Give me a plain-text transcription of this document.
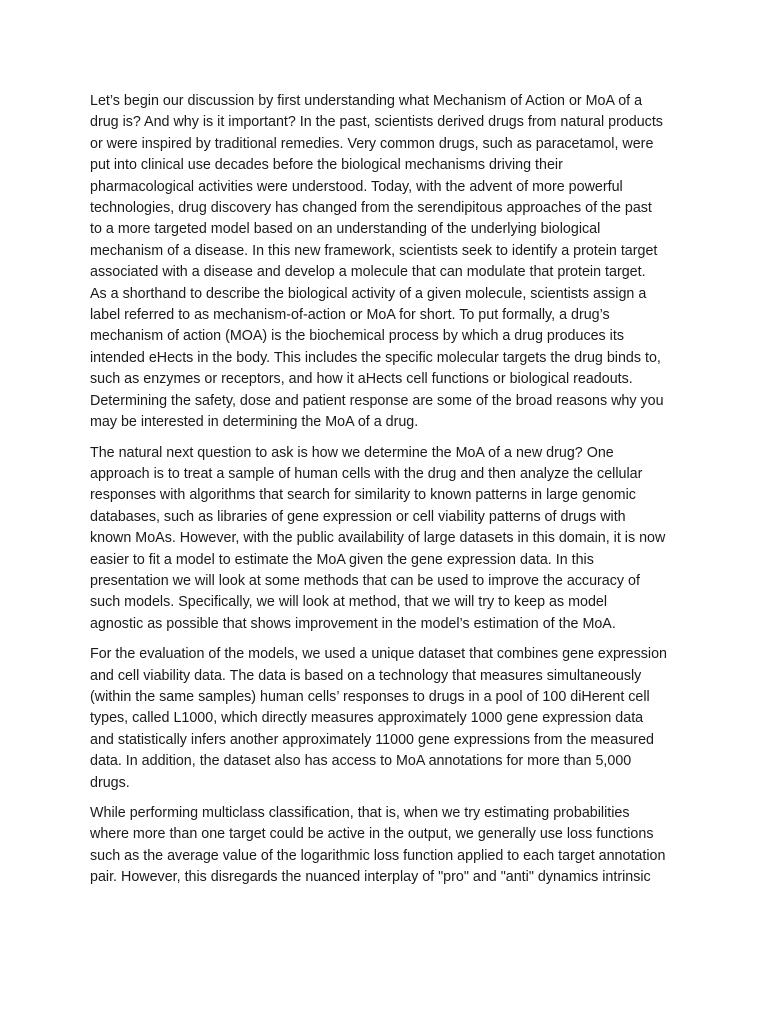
Let’s begin our discussion by first understanding what Mechanism of Action or MoA of a
drug is? And why is it important? In the past, scientists derived drugs from natural products
or were inspired by traditional remedies. Very common drugs, such as paracetamol, were
put into clinical use decades before the biological mechanisms driving their
pharmacological activities were understood. Today, with the advent of more powerful
technologies, drug discovery has changed from the serendipitous approaches of the past
to a more targeted model based on an understanding of the underlying biological
mechanism of a disease. In this new framework, scientists seek to identify a protein target
associated with a disease and develop a molecule that can modulate that protein target.
As a shorthand to describe the biological activity of a given molecule, scientists assign a
label referred to as mechanism-of-action or MoA for short. To put formally, a drug’s
mechanism of action (MOA) is the biochemical process by which a drug produces its
intended eHects in the body. This includes the specific molecular targets the drug binds to,
such as enzymes or receptors, and how it aHects cell functions or biological readouts.
Determining the safety, dose and patient response are some of the broad reasons why you
may be interested in determining the MoA of a drug.

The natural next question to ask is how we determine the MoA of a new drug? One
approach is to treat a sample of human cells with the drug and then analyze the cellular
responses with algorithms that search for similarity to known patterns in large genomic
databases, such as libraries of gene expression or cell viability patterns of drugs with
known MoAs. However, with the public availability of large datasets in this domain, it is now
easier to fit a model to estimate the MoA given the gene expression data. In this
presentation we will look at some methods that can be used to improve the accuracy of
such models. Specifically, we will look at method, that we will try to keep as model
agnostic as possible that shows improvement in the model’s estimation of the MoA.

For the evaluation of the models, we used a unique dataset that combines gene expression
and cell viability data. The data is based on a technology that measures simultaneously
(within the same samples) human cells’ responses to drugs in a pool of 100 diHerent cell
types, called L1000, which directly measures approximately 1000 gene expression data
and statistically infers another approximately 11000 gene expressions from the measured
data. In addition, the dataset also has access to MoA annotations for more than 5,000
drugs.

While performing multiclass classification, that is, when we try estimating probabilities
where more than one target could be active in the output, we generally use loss functions
such as the average value of the logarithmic loss function applied to each target annotation
pair. However, this disregards the nuanced interplay of "pro" and "anti" dynamics intrinsic
